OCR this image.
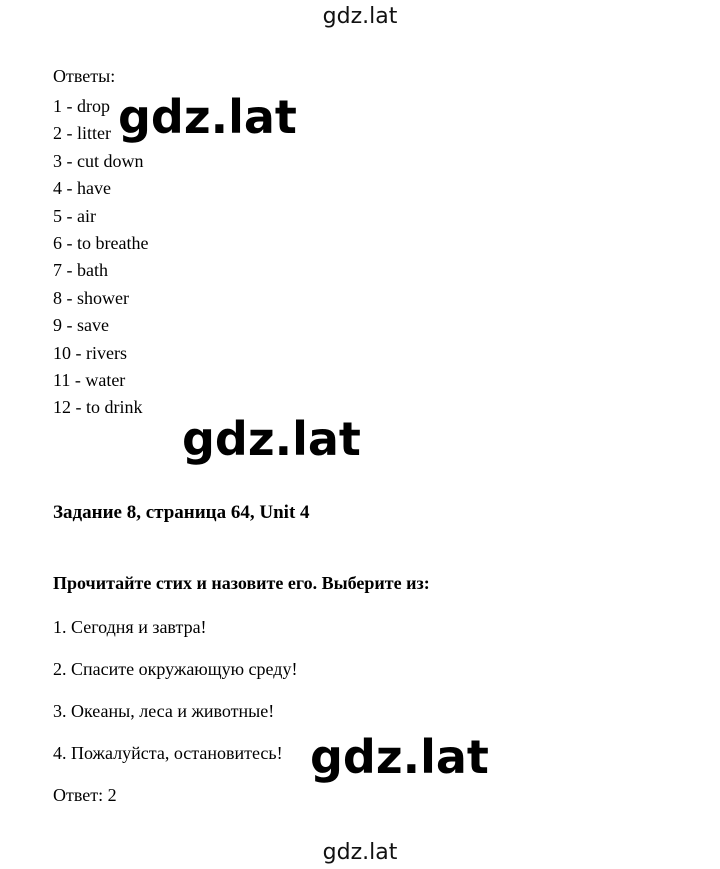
gdz.lat
Ответы:
1 - drop
2 - litter
3 - cut down
4 - have
5 - air
6 - to breathe
7 - bath
8 - shower
9 - save
10 - rivers
11 - water
12 - to drink
Задание 8, страница 64, Unit 4
Прочитайте стих и назовите его. Выберите из:
1. Сегодня и завтра!
2. Спасите окружающую среду!
3. Океаны, леса и животные!
4. Пожалуйста, остановитесь!
Ответ: 2
gdz.lat
gdz.lat
gdz.lat
gdz.lat
